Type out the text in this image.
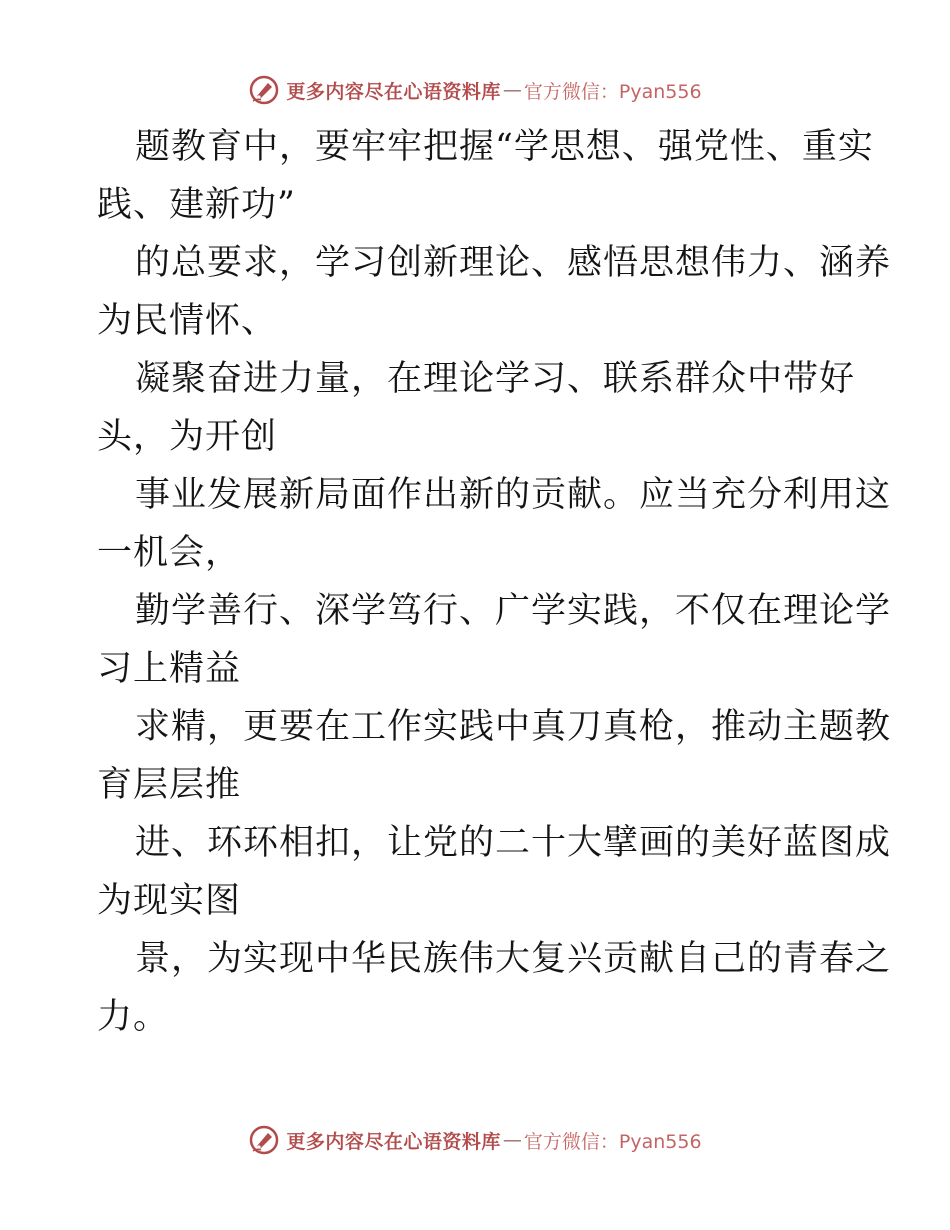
更多内容尽在心语资料库 — 官方微信：Pyan556
题教育中，要牢牢把握“学思想、强党性、重实
践、建新功”
的总要求，学习创新理论、感悟思想伟力、涵养
为民情怀、
凝聚奋进力量，在理论学习、联系群众中带好
头，为开创
事业发展新局面作出新的贡献。应当充分利用这
一机会，
勤学善行、深学笃行、广学实践，不仅在理论学
习上精益
求精，更要在工作实践中真刀真枪，推动主题教
育层层推
进、环环相扣，让党的二十大擘画的美好蓝图成
为现实图
景，为实现中华民族伟大复兴贡献自己的青春之
力。
更多内容尽在心语资料库 — 官方微信：Pyan556
